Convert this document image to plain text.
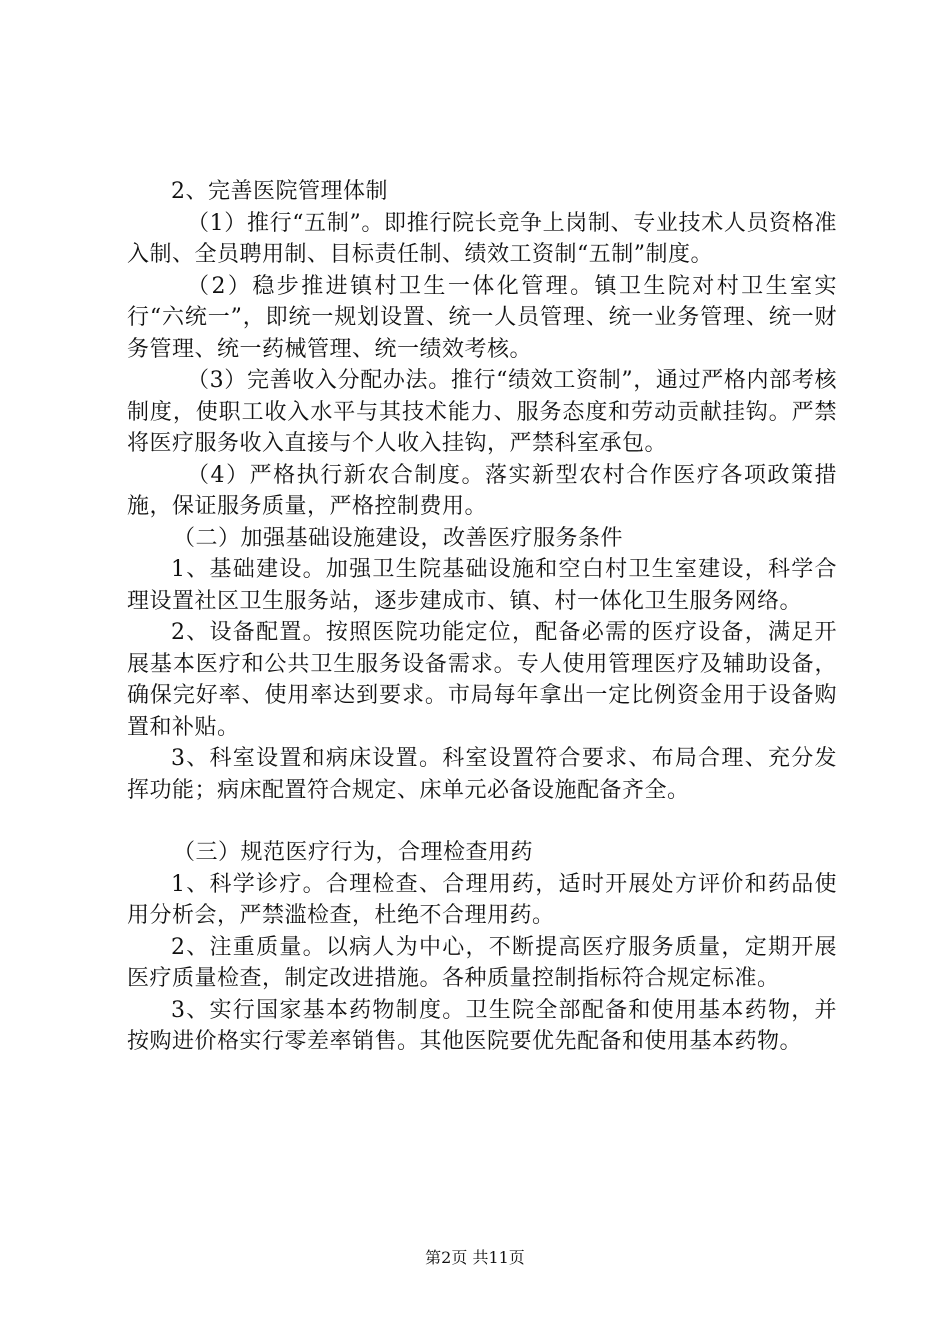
2、完善医院管理体制

（1）推行“五制”。即推行院长竞争上岗制、专业技术人员资格准入制、全员聘用制、目标责任制、绩效工资制“五制”制度。

（2）稳步推进镇村卫生一体化管理。镇卫生院对村卫生室实行“六统一”，即统一规划设置、统一人员管理、统一业务管理、统一财务管理、统一药械管理、统一绩效考核。

（3）完善收入分配办法。推行“绩效工资制”，通过严格内部考核制度，使职工收入水平与其技术能力、服务态度和劳动贡献挂钩。严禁将医疗服务收入直接与个人收入挂钩，严禁科室承包。

（4）严格执行新农合制度。落实新型农村合作医疗各项政策措施，保证服务质量，严格控制费用。

（二）加强基础设施建设，改善医疗服务条件

1、基础建设。加强卫生院基础设施和空白村卫生室建设，科学合理设置社区卫生服务站，逐步建成市、镇、村一体化卫生服务网络。

2、设备配置。按照医院功能定位，配备必需的医疗设备，满足开展基本医疗和公共卫生服务设备需求。专人使用管理医疗及辅助设备，确保完好率、使用率达到要求。市局每年拿出一定比例资金用于设备购置和补贴。

3、科室设置和病床设置。科室设置符合要求、布局合理、充分发挥功能；病床配置符合规定、床单元必备设施配备齐全。

（三）规范医疗行为，合理检查用药

1、科学诊疗。合理检查、合理用药，适时开展处方评价和药品使用分析会，严禁滥检查，杜绝不合理用药。

2、注重质量。以病人为中心，不断提高医疗服务质量，定期开展医疗质量检查，制定改进措施。各种质量控制指标符合规定标准。

3、实行国家基本药物制度。卫生院全部配备和使用基本药物，并按购进价格实行零差率销售。其他医院要优先配备和使用基本药物。

第2页 共11页
